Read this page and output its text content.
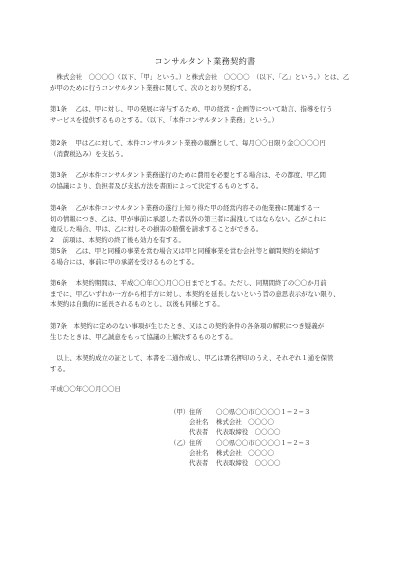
コンサルタント業務契約書

　株式会社　〇〇〇〇（以下、「甲」という。）と株式会社　〇〇〇〇　（以下、「乙」という。）とは、乙
が甲のために行うコンサルタント業務に関して、次のとおり契約する。

第1条　 乙は、甲に対し、甲の発展に寄与するため、甲の経営・企画等について助言、指導を行う
サービスを提供するものとする。（以下、「本件コンサルタント業務」という。）

第2条　 甲は乙に対して、本件コンサルタント業務の報酬として、毎月〇〇日限り金〇〇〇〇円
（消費税込み）を支払う。

第3条　 乙が本件コンサルタント業務遂行のために費用を必要とする場合は、その都度、甲乙間
の協議により、負担者及び支払方法を書面によって決定するものとする。

第4条　 乙が本件コンサルタント業務の遂行上知り得た甲の経営内容その他業務に関連する一
切の情報につき、乙は、甲が事前に承認した者以外の第三者に漏洩してはならない。乙がこれに
違反した場合、甲は、乙に対しその損害の賠償を請求することができる。
2　 前項は、本契約の終了後も効力を有する。

第5条　 乙は、甲と同種の事業を営む場合又は甲と同種事業を営む会社等と顧問契約を締結す
る場合には、事前に甲の承諾を受けるものとする。

第6条　 本契約期間は、平成〇〇年〇〇月〇〇日までとする。ただし、同期間終了の〇〇か月前
までに、甲乙いずれか一方から相手方に対し、本契約を延長しないという旨の意思表示がない限り、
本契約は自動的に延長されるものとし、以後も同様とする。

第7条　本契約に定めのない事項が生じたとき、又はこの契約条件の各条項の解釈につき疑義が
生じたときは、甲乙誠意をもって協議の上解決するものとする。

　以上、本契約成立の証として、本書を二通作成し、甲乙は署名押印のうえ、それぞれ１通を保管
する。

平成〇〇年〇〇月〇〇日

（甲） 住所	〇〇県〇〇市〇〇〇〇１−２−３
会社名	株式会社　〇〇〇〇
代表者	代表取締役　〇〇〇〇
（乙） 住所	〇〇県〇〇市〇〇〇〇１−２−３
会社名	株式会社　〇〇〇〇
代表者	代表取締役　〇〇〇〇
